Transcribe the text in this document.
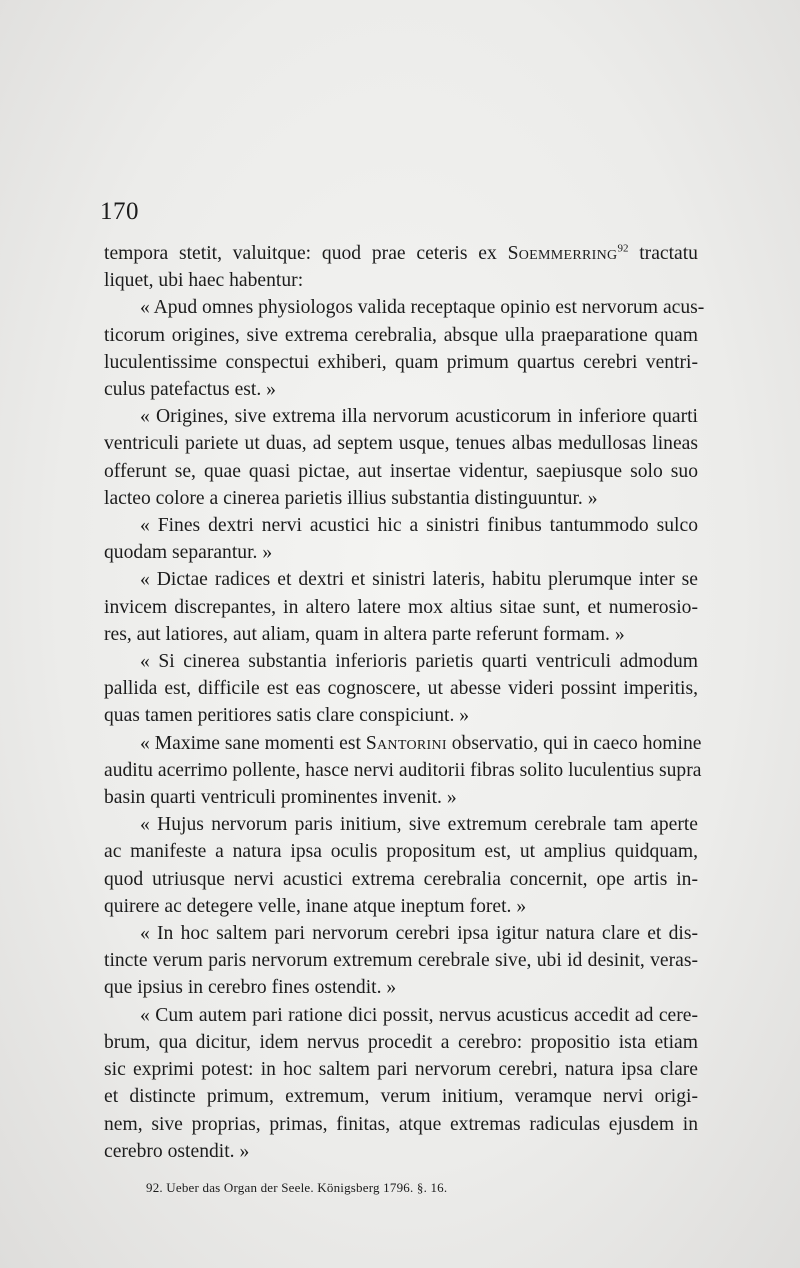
170
tempora stetit, valuitque: quod prae ceteris ex Soemmerring$^{92}$ tractatu
liquet, ubi haec habentur:
« Apud omnes physiologos valida receptaque opinio est nervorum acus-
ticorum origines, sive extrema cerebralia, absque ulla praeparatione quam
luculentissime conspectui exhiberi, quam primum quartus cerebri ventri-
culus patefactus est. »
« Origines, sive extrema illa nervorum acusticorum in inferiore quarti
ventriculi pariete ut duas, ad septem usque, tenues albas medullosas lineas
offerunt se, quae quasi pictae, aut insertae videntur, saepiusque solo suo
lacteo colore a cinerea parietis illius substantia distinguuntur. »
« Fines dextri nervi acustici hic a sinistri finibus tantummodo sulco
quodam separantur. »
« Dictae radices et dextri et sinistri lateris, habitu plerumque inter se
invicem discrepantes, in altero latere mox altius sitae sunt, et numerosio-
res, aut latiores, aut aliam, quam in altera parte referunt formam. »
« Si cinerea substantia inferioris parietis quarti ventriculi admodum
pallida est, difficile est eas cognoscere, ut abesse videri possint imperitis,
quas tamen peritiores satis clare conspiciunt. »
« Maxime sane momenti est Santorini observatio, qui in caeco homine
auditu acerrimo pollente, hasce nervi auditorii fibras solito luculentius supra
basin quarti ventriculi prominentes invenit. »
« Hujus nervorum paris initium, sive extremum cerebrale tam aperte
ac manifeste a natura ipsa oculis propositum est, ut amplius quidquam,
quod utriusque nervi acustici extrema cerebralia concernit, ope artis in-
quirere ac detegere velle, inane atque ineptum foret. »
« In hoc saltem pari nervorum cerebri ipsa igitur natura clare et dis-
tincte verum paris nervorum extremum cerebrale sive, ubi id desinit, veras-
que ipsius in cerebro fines ostendit. »
« Cum autem pari ratione dici possit, nervus acusticus accedit ad cere-
brum, qua dicitur, idem nervus procedit a cerebro: propositio ista etiam
sic exprimi potest: in hoc saltem pari nervorum cerebri, natura ipsa clare
et distincte primum, extremum, verum initium, veramque nervi origi-
nem, sive proprias, primas, finitas, atque extremas radiculas ejusdem in
cerebro ostendit. »
92. Ueber das Organ der Seele. Königsberg 1796. §. 16.
